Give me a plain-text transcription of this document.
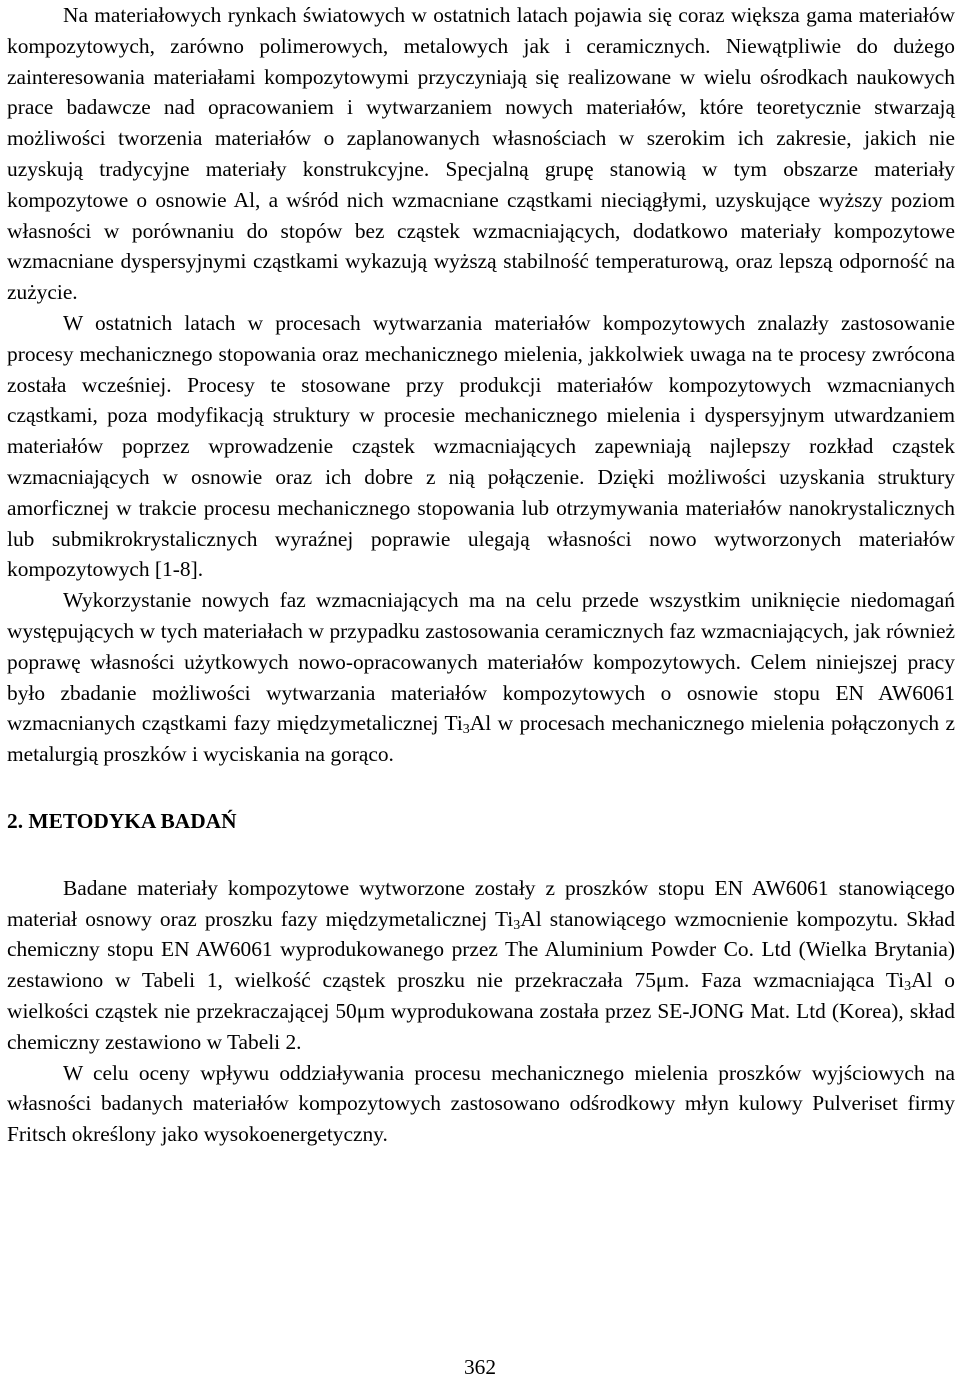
Na materiałowych rynkach światowych w ostatnich latach pojawia się coraz większa gama materiałów kompozytowych, zarówno polimerowych, metalowych jak i ceramicznych. Niewątpliwie do dużego zainteresowania materiałami kompozytowymi przyczyniają się realizowane w wielu ośrodkach naukowych prace badawcze nad opracowaniem i wytwarzaniem nowych materiałów, które teoretycznie stwarzają możliwości tworzenia materiałów o zaplanowanych własnościach w szerokim ich zakresie, jakich nie uzyskują tradycyjne materiały konstrukcyjne. Specjalną grupę stanowią w tym obszarze materiały kompozytowe o osnowie Al, a wśród nich wzmacniane cząstkami nieciągłymi, uzyskujące wyższy poziom własności w porównaniu do stopów bez cząstek wzmacniających, dodatkowo materiały kompozytowe wzmacniane dyspersyjnymi cząstkami wykazują wyższą stabilność temperaturową, oraz lepszą odporność na zużycie.

W ostatnich latach w procesach wytwarzania materiałów kompozytowych znalazły zastosowanie procesy mechanicznego stopowania oraz mechanicznego mielenia, jakkolwiek uwaga na te procesy zwrócona została wcześniej. Procesy te stosowane przy produkcji materiałów kompozytowych wzmacnianych cząstkami, poza modyfikacją struktury w procesie mechanicznego mielenia i dyspersyjnym utwardzaniem materiałów poprzez wprowadzenie cząstek wzmacniających zapewniają najlepszy rozkład cząstek wzmacniających w osnowie oraz ich dobre z nią połączenie. Dzięki możliwości uzyskania struktury amorficznej w trakcie procesu mechanicznego stopowania lub otrzymywania materiałów nanokrystalicznych lub submikrokrystalicznych wyraźnej poprawie ulegają własności nowo wytworzonych materiałów kompozytowych [1-8].

Wykorzystanie nowych faz wzmacniających ma na celu przede wszystkim uniknięcie niedomagań występujących w tych materiałach w przypadku zastosowania ceramicznych faz wzmacniających, jak również poprawę własności użytkowych nowo-opracowanych materiałów kompozytowych. Celem niniejszej pracy było zbadanie możliwości wytwarzania materiałów kompozytowych o osnowie stopu EN AW6061 wzmacnianych cząstkami fazy międzymetalicznej $Ti_3Al$ w procesach mechanicznego mielenia połączonych z metalurgią proszków i wyciskania na gorąco.

2. METODYKA BADAŃ

Badane materiały kompozytowe wytworzone zostały z proszków stopu EN AW6061 stanowiącego materiał osnowy oraz proszku fazy międzymetalicznej $Ti_3Al$ stanowiącego wzmocnienie kompozytu. Skład chemiczny stopu EN AW6061 wyprodukowanego przez The Aluminium Powder Co. Ltd (Wielka Brytania) zestawiono w Tabeli 1, wielkość cząstek proszku nie przekraczała 75μm. Faza wzmacniająca $Ti_3Al$ o wielkości cząstek nie przekraczającej 50μm wyprodukowana została przez SE-JONG Mat. Ltd (Korea), skład chemiczny zestawiono w Tabeli 2.

W celu oceny wpływu oddziaływania procesu mechanicznego mielenia proszków wyjściowych na własności badanych materiałów kompozytowych zastosowano odśrodkowy młyn kulowy Pulveriset firmy Fritsch określony jako wysokoenergetyczny.

362
